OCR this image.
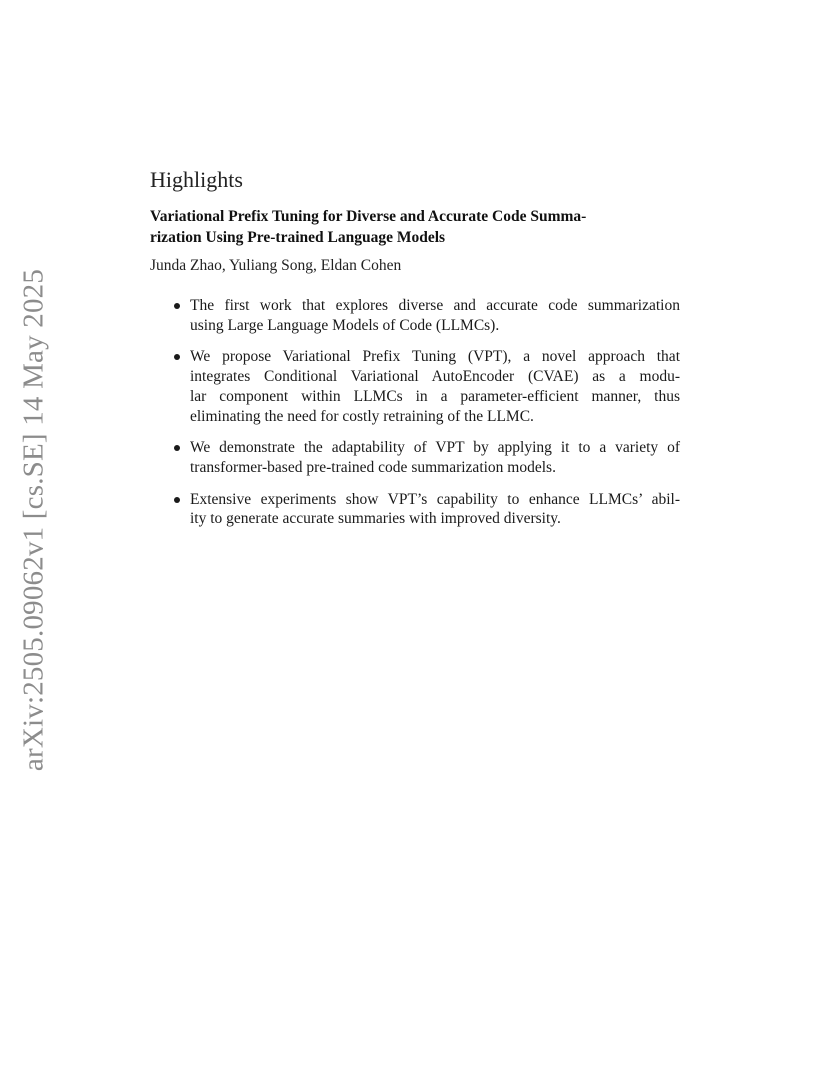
arXiv:2505.09062v1 [cs.SE] 14 May 2025
Highlights
Variational Prefix Tuning for Diverse and Accurate Code Summa-
rization Using Pre-trained Language Models
Junda Zhao, Yuliang Song, Eldan Cohen
The first work that explores diverse and accurate code summarization
using Large Language Models of Code (LLMCs).
We propose Variational Prefix Tuning (VPT), a novel approach that
integrates Conditional Variational AutoEncoder (CVAE) as a modu-
lar component within LLMCs in a parameter-efficient manner, thus
eliminating the need for costly retraining of the LLMC.
We demonstrate the adaptability of VPT by applying it to a variety of
transformer-based pre-trained code summarization models.
Extensive experiments show VPT’s capability to enhance LLMCs’ abil-
ity to generate accurate summaries with improved diversity.
